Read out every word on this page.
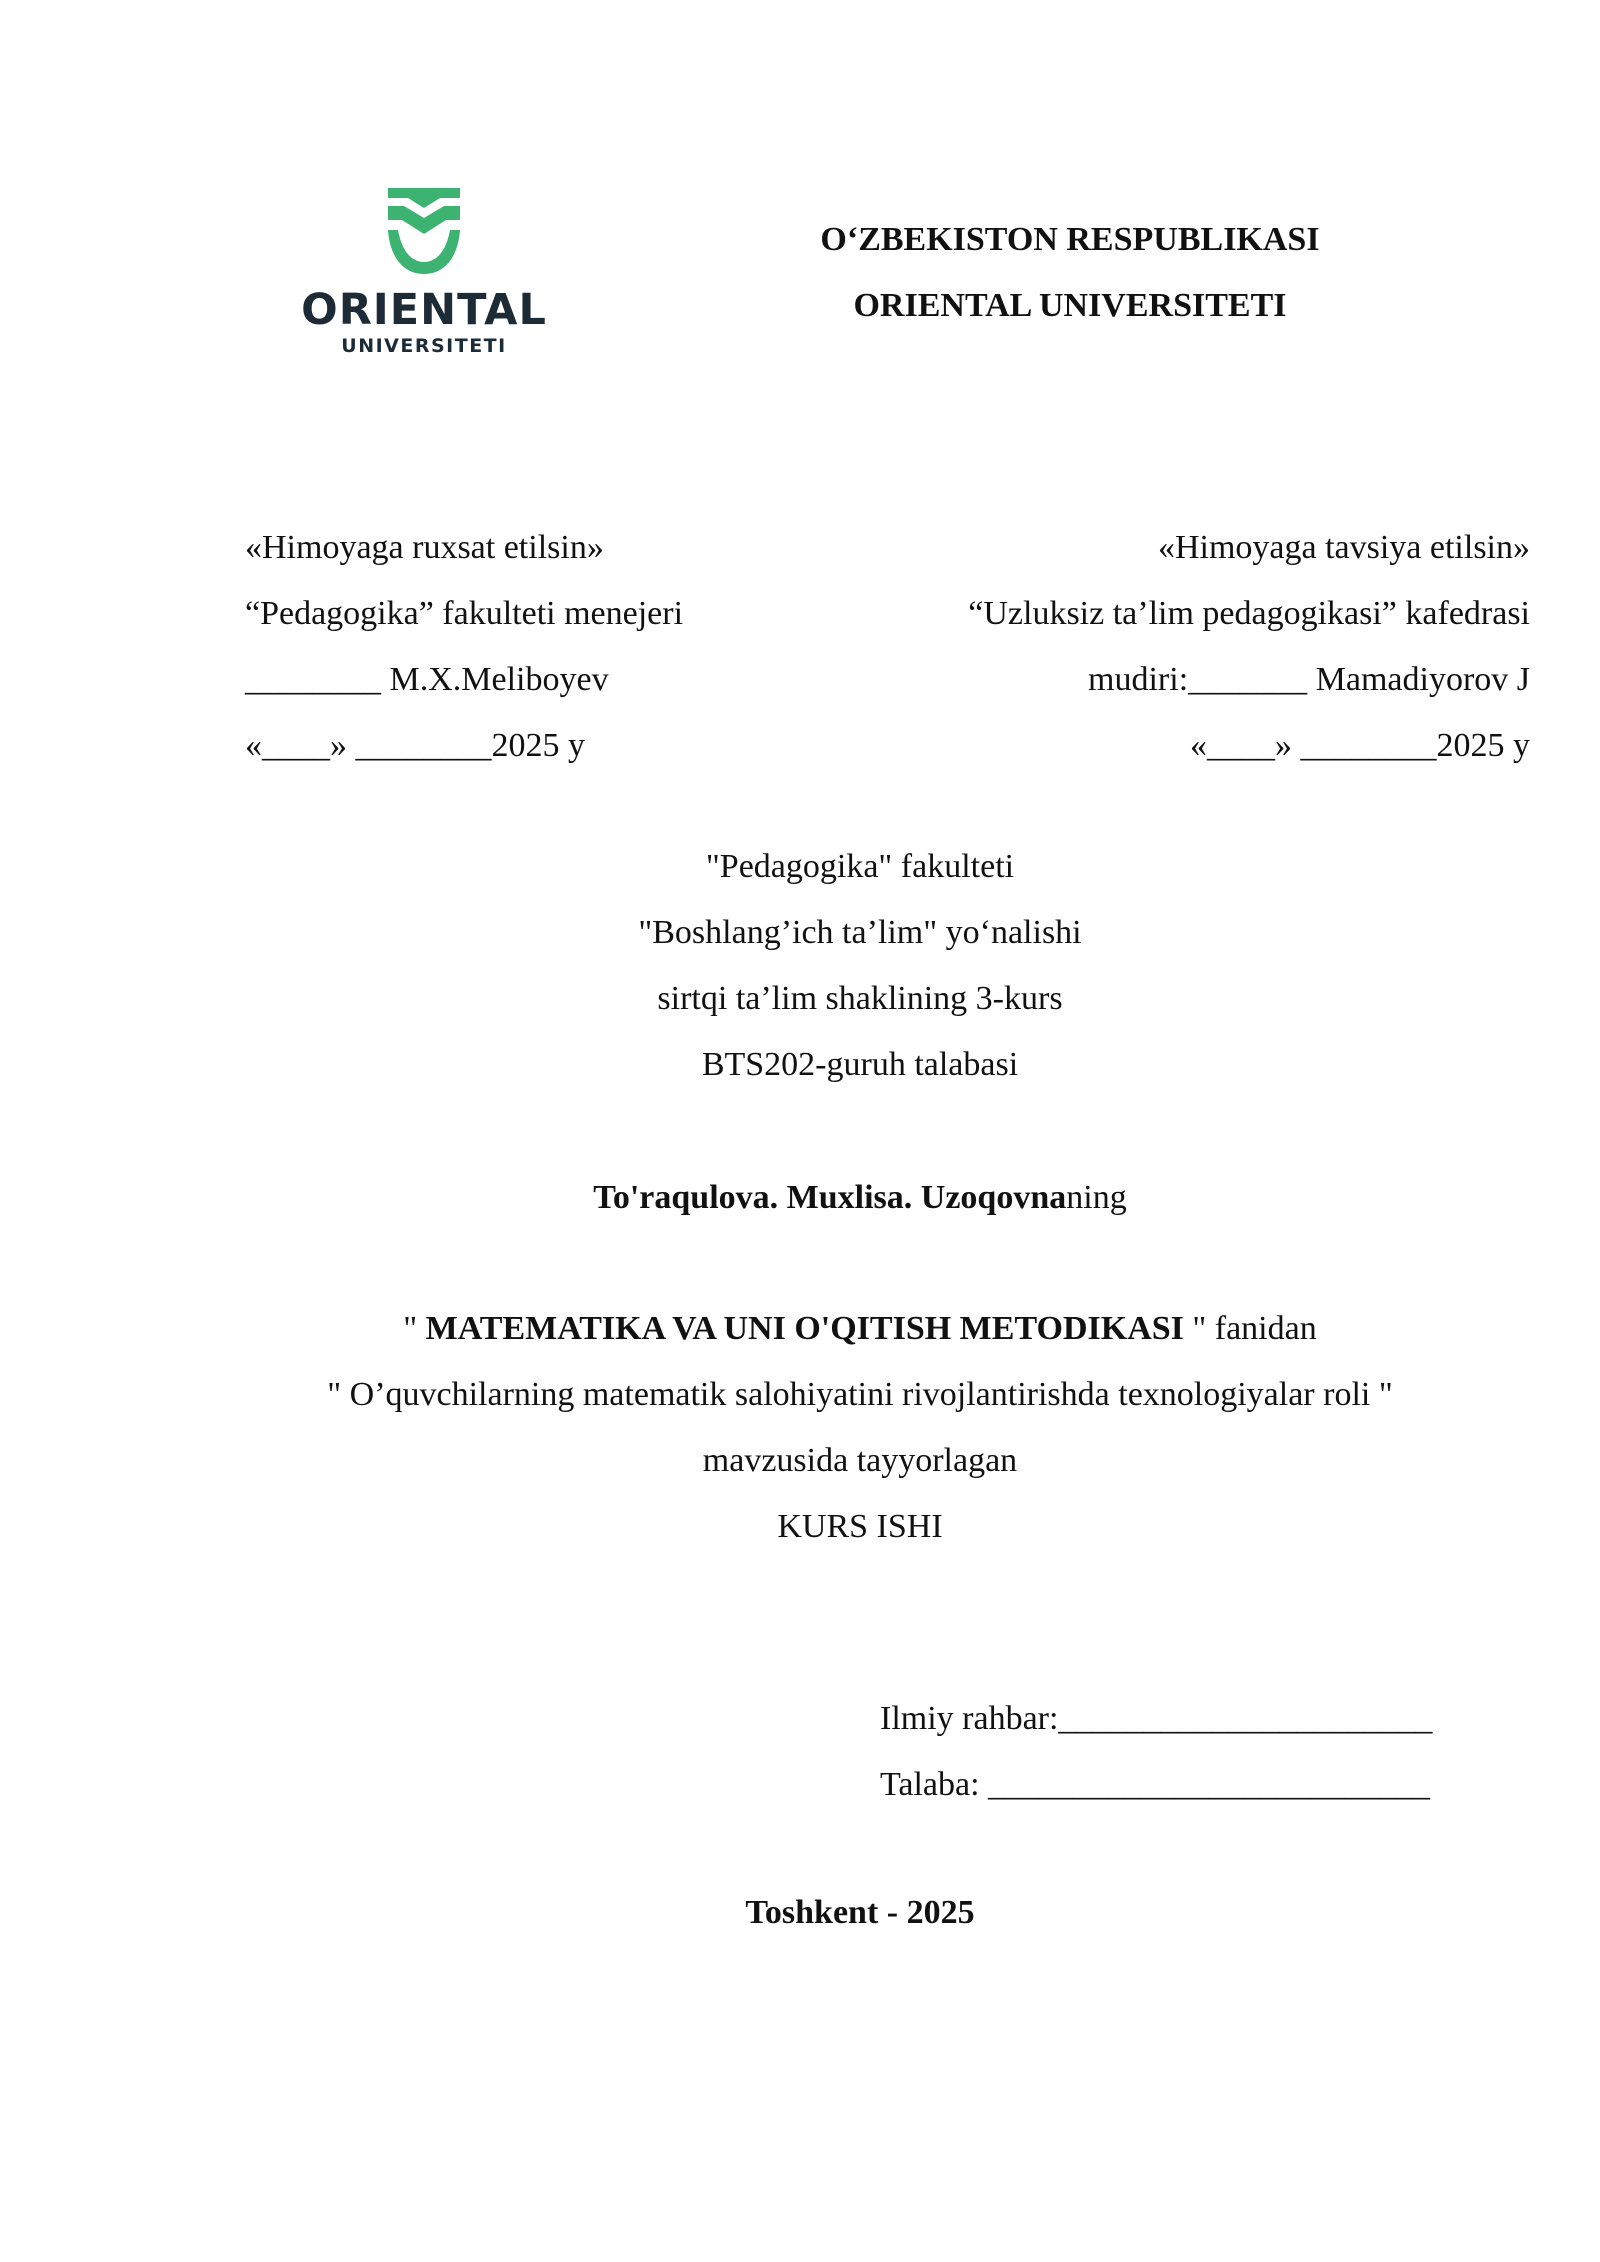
ORIENTAL
UNIVERSITETI
O‘ZBEKISTON RESPUBLIKASI
ORIENTAL UNIVERSITETI
«Himoyaga ruxsat etilsin»
“Pedagogika” fakulteti menejeri
________ M.X.Meliboyev
«____» ________2025 y
«Himoyaga tavsiya etilsin»
“Uzluksiz ta’lim pedagogikasi” kafedrasi
mudiri:_______ Mamadiyorov J
«____» ________2025 y
"Pedagogika" fakulteti
"Boshlang’ich ta’lim" yo‘nalishi
sirtqi ta’lim shaklining 3-kurs
BTS202-guruh talabasi
To'raqulova. Muxlisa. Uzoqovnaning
" MATEMATIKA VA UNI O'QITISH METODIKASI " fanidan
" O’quvchilarning matematik salohiyatini rivojlantirishda texnologiyalar roli "
mavzusida tayyorlagan
KURS ISHI
Ilmiy rahbar:______________________
Talaba: __________________________
Toshkent - 2025
